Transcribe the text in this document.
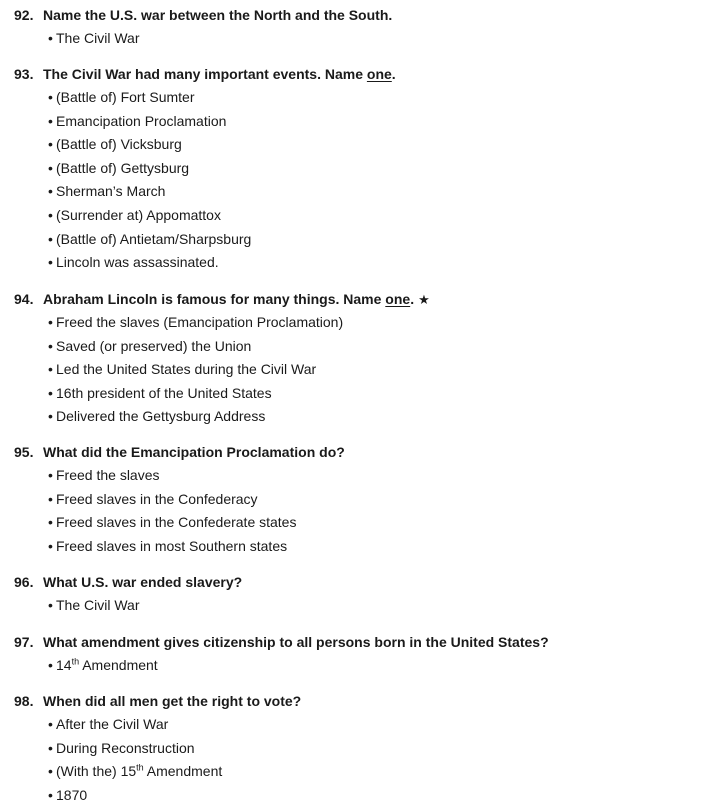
92. Name the U.S. war between the North and the South.
• The Civil War
93. The Civil War had many important events. Name one.
• (Battle of) Fort Sumter
• Emancipation Proclamation
• (Battle of) Vicksburg
• (Battle of) Gettysburg
• Sherman’s March
• (Surrender at) Appomattox
• (Battle of) Antietam/Sharpsburg
• Lincoln was assassinated.
94. Abraham Lincoln is famous for many things. Name one. ★
• Freed the slaves (Emancipation Proclamation)
• Saved (or preserved) the Union
• Led the United States during the Civil War
• 16th president of the United States
• Delivered the Gettysburg Address
95. What did the Emancipation Proclamation do?
• Freed the slaves
• Freed slaves in the Confederacy
• Freed slaves in the Confederate states
• Freed slaves in most Southern states
96. What U.S. war ended slavery?
• The Civil War
97. What amendment gives citizenship to all persons born in the United States?
• 14th Amendment
98. When did all men get the right to vote?
• After the Civil War
• During Reconstruction
• (With the) 15th Amendment
• 1870
